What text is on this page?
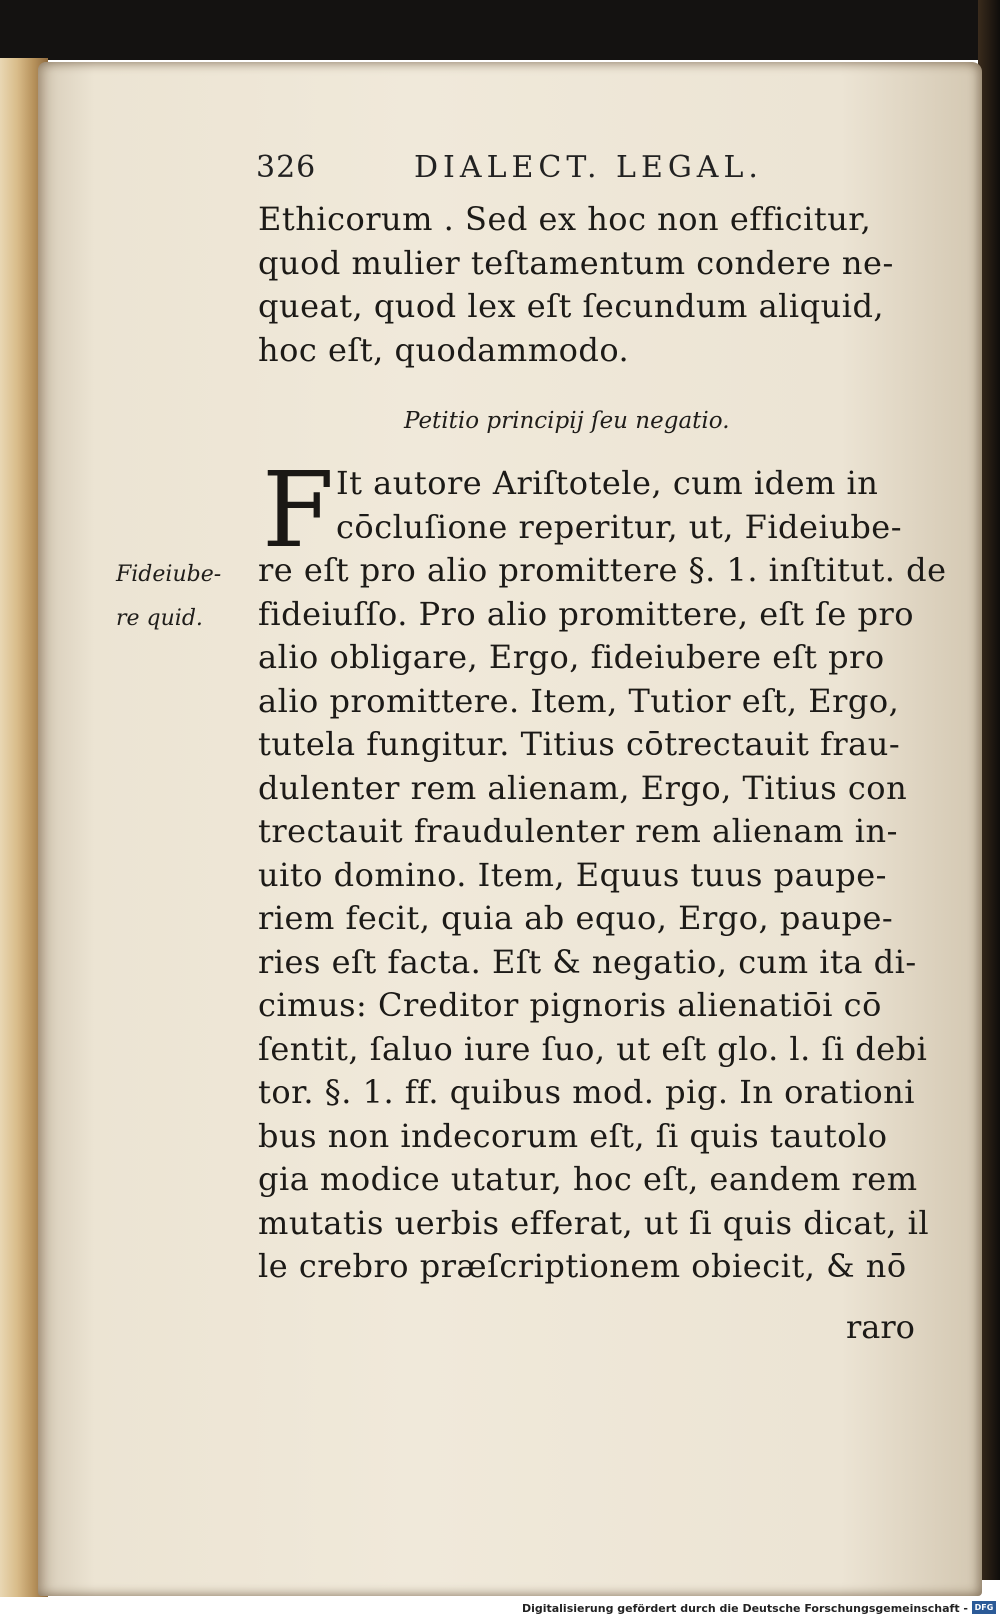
326	DIALECT. LEGAL.
Ethicorum . Sed ex hoc non efficitur,
quod mulier teſtamentum condere ne-
queat, quod lex eſt ſecundum aliquid,
hoc eſt, quodammodo.
Petitio principij ſeu negatio.
F It autore Ariſtotele, cum idem in
cōcluſione reperitur, ut, Fideiube-
re eſt pro alio promittere §. 1. inſtitut. de
fideiuſſo. Pro alio promittere, eſt ſe pro
alio obligare, Ergo, fideiubere eſt pro
alio promittere. Item, Tutior eſt, Ergo,
tutela fungitur. Titius cōtrectauit frau-
dulenter rem alienam, Ergo, Titius con
trectauit fraudulenter rem alienam in-
uito domino. Item, Equus tuus paupe-
riem fecit, quia ab equo, Ergo, paupe-
ries eſt facta. Eſt & negatio, cum ita di-
cimus: Creditor pignoris alienatiōi cō
ſentit, ſaluo iure ſuo, ut eſt glo. l. ſi debi
tor. §. 1. ff. quibus mod. pig. In orationi
bus non indecorum eſt, ſi quis tautolo
gia modice utatur, hoc eſt, eandem rem
mutatis uerbis efferat, ut ſi quis dicat, il
le crebro præſcriptionem obiecit, & nō
Fideiube-
re quid.
raro
Digitalisierung gefördert durch die Deutsche Forschungsgemeinschaft - DFG
